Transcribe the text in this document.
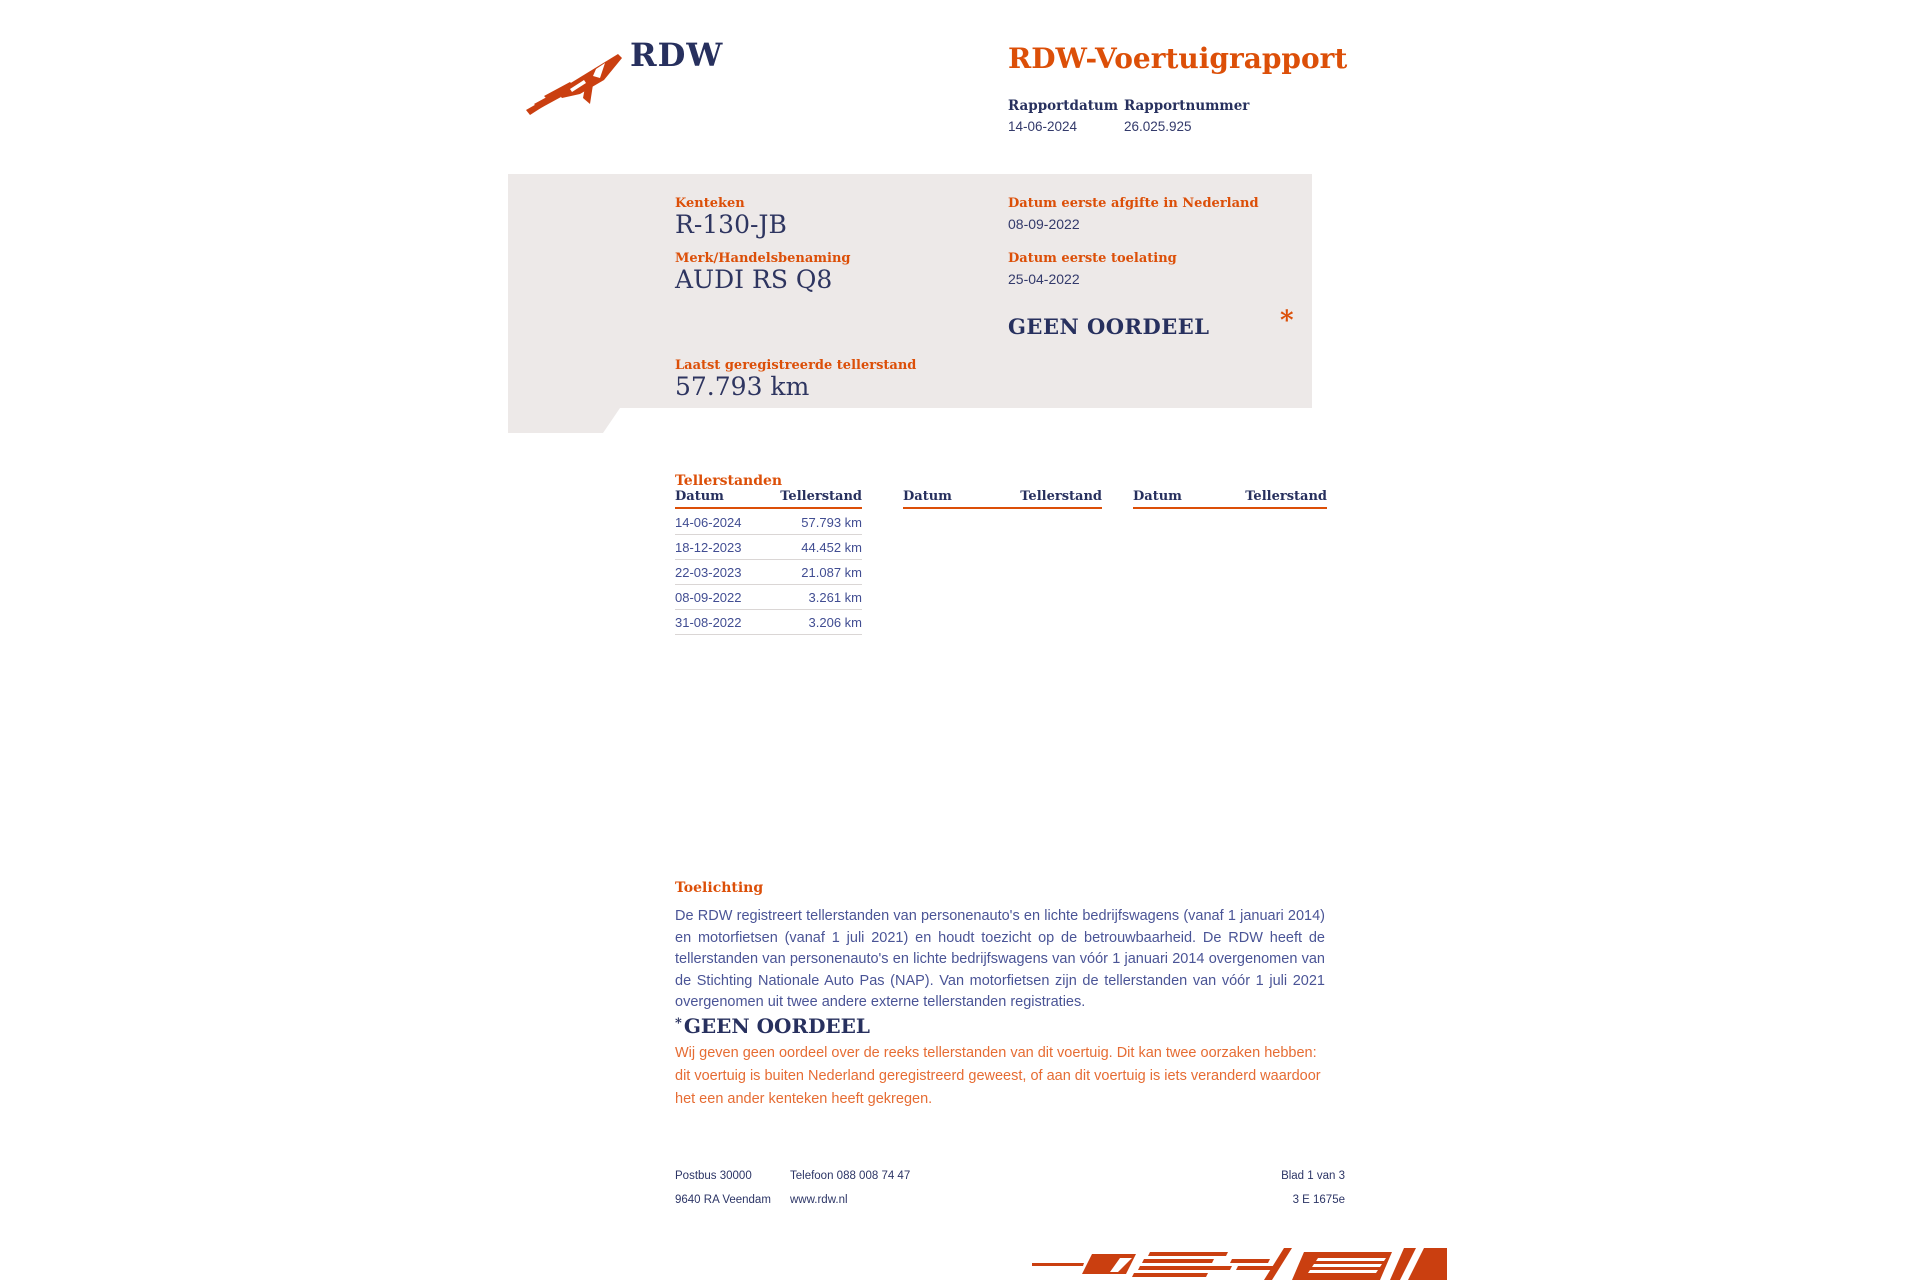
RDW	RDW-Voertuigrapport
Rapportdatum Rapportnummer
14-06-2024	26.025.925
Kenteken
R-130-JB
Merk/Handelsbenaming
AUDI RS Q8
Datum eerste afgifte in Nederland
08-09-2022
Datum eerste toelating
25-04-2022
GEEN OORDEEL	*
Laatst geregistreerde tellerstand
57.793 km
Tellerstanden
Datum	Tellerstand	Datum	Tellerstand Datum	Tellerstand
14-06-2024	57.793 km
18-12-2023	44.452 km
22-03-2023	21.087 km
08-09-2022	3.261 km
31-08-2022	3.206 km
Toelichting
De RDW registreert tellerstanden van personenauto's en lichte bedrijfswagens (vanaf 1 januari 2014) en motorfietsen (vanaf 1 juli 2021) en houdt toezicht op de betrouwbaarheid. De RDW heeft de tellerstanden van personenauto's en lichte bedrijfswagens van vóór 1 januari 2014 overgenomen van de Stichting Nationale Auto Pas (NAP). Van motorfietsen zijn de tellerstanden van vóór 1 juli 2021 overgenomen uit twee andere externe tellerstanden registraties.
* GEEN OORDEEL
Wij geven geen oordeel over de reeks tellerstanden van dit voertuig. Dit kan twee oorzaken hebben: dit voertuig is buiten Nederland geregistreerd geweest, of aan dit voertuig is iets veranderd waardoor het een ander kenteken heeft gekregen.
Postbus 30000
9640 RA Veendam
Telefoon 088 008 74 47
www.rdw.nl
Blad 1 van 3
3 E 1675e
